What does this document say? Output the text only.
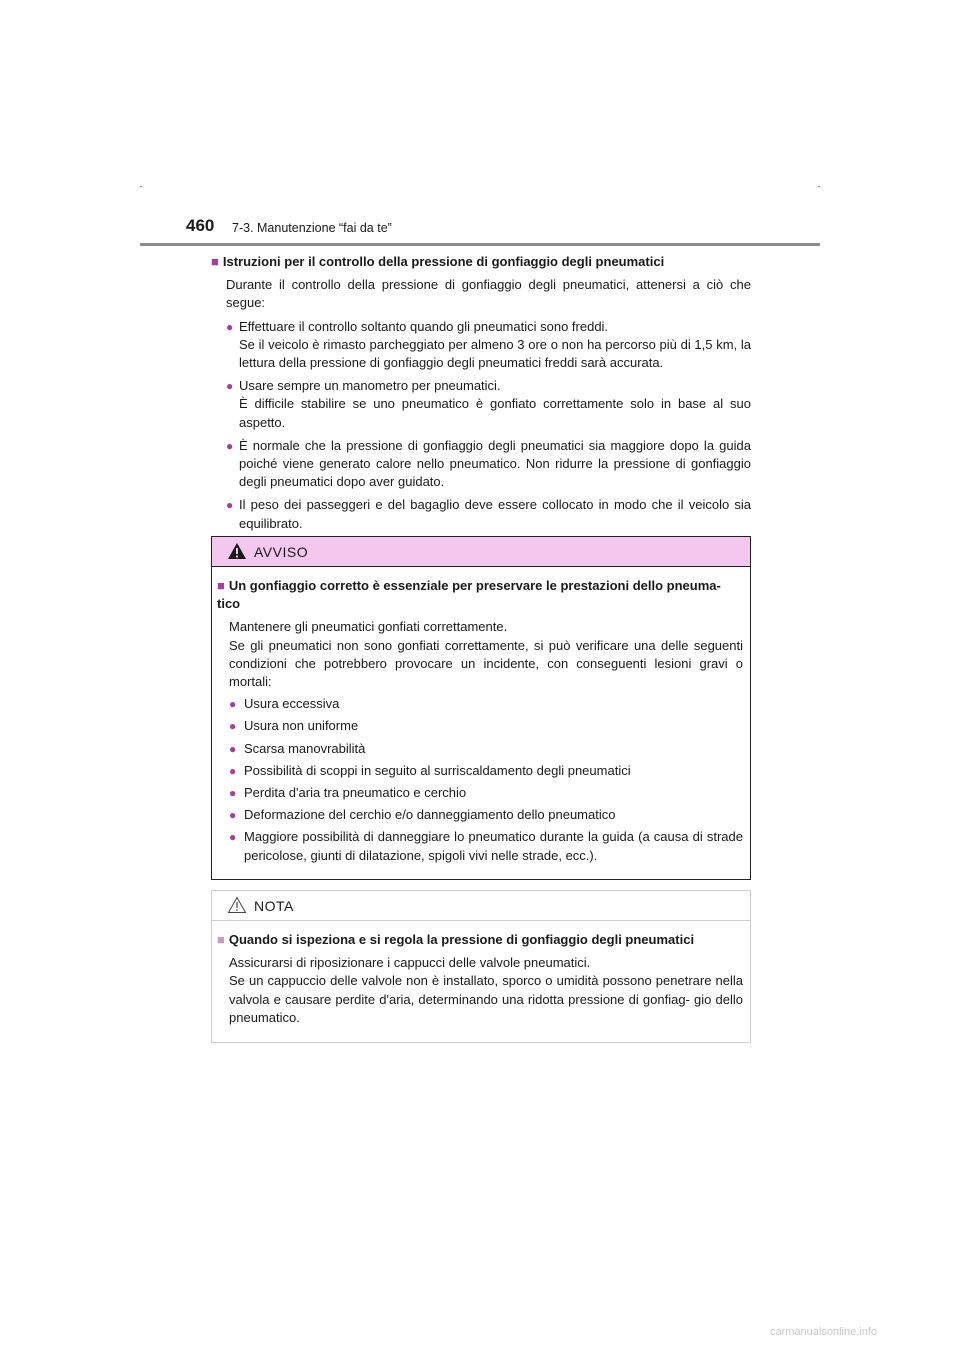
460 7-3. Manutenzione “fai da te”
■ Istruzioni per il controllo della pressione di gonfiaggio degli pneumatici

Durante il controllo della pressione di gonfiaggio degli pneumatici, attenersi a ciò che segue:

● Effettuare il controllo soltanto quando gli pneumatici sono freddi.
Se il veicolo è rimasto parcheggiato per almeno 3 ore o non ha percorso più di 1,5 km, la lettura della pressione di gonfiaggio degli pneumatici freddi sarà accurata.
● Usare sempre un manometro per pneumatici.
È difficile stabilire se uno pneumatico è gonfiato correttamente solo in base al suo aspetto.
● È normale che la pressione di gonfiaggio degli pneumatici sia maggiore dopo la guida poiché viene generato calore nello pneumatico. Non ridurre la pressione di gonfiaggio degli pneumatici dopo aver guidato.
● Il peso dei passeggeri e del bagaglio deve essere collocato in modo che il veicolo sia equilibrato.
AVVISO
■ Un gonfiaggio corretto è essenziale per preservare le prestazioni dello pneuma- tico
Mantenere gli pneumatici gonfiati correttamente.
Se gli pneumatici non sono gonfiati correttamente, si può verificare una delle seguenti condizioni che potrebbero provocare un incidente, con conseguenti lesioni gravi o mortali:
● Usura eccessiva
● Usura non uniforme
● Scarsa manovrabilità
● Possibilità di scoppi in seguito al surriscaldamento degli pneumatici
● Perdita d'aria tra pneumatico e cerchio
● Deformazione del cerchio e/o danneggiamento dello pneumatico
● Maggiore possibilità di danneggiare lo pneumatico durante la guida (a causa di strade pericolose, giunti di dilatazione, spigoli vivi nelle strade, ecc.).
NOTA
■ Quando si ispeziona e si regola la pressione di gonfiaggio degli pneumatici
Assicurarsi di riposizionare i cappucci delle valvole pneumatici.
Se un cappuccio delle valvole non è installato, sporco o umidità possono penetrare nella valvola e causare perdite d'aria, determinando una ridotta pressione di gonfiag- gio dello pneumatico.
carmanualsonline.info
